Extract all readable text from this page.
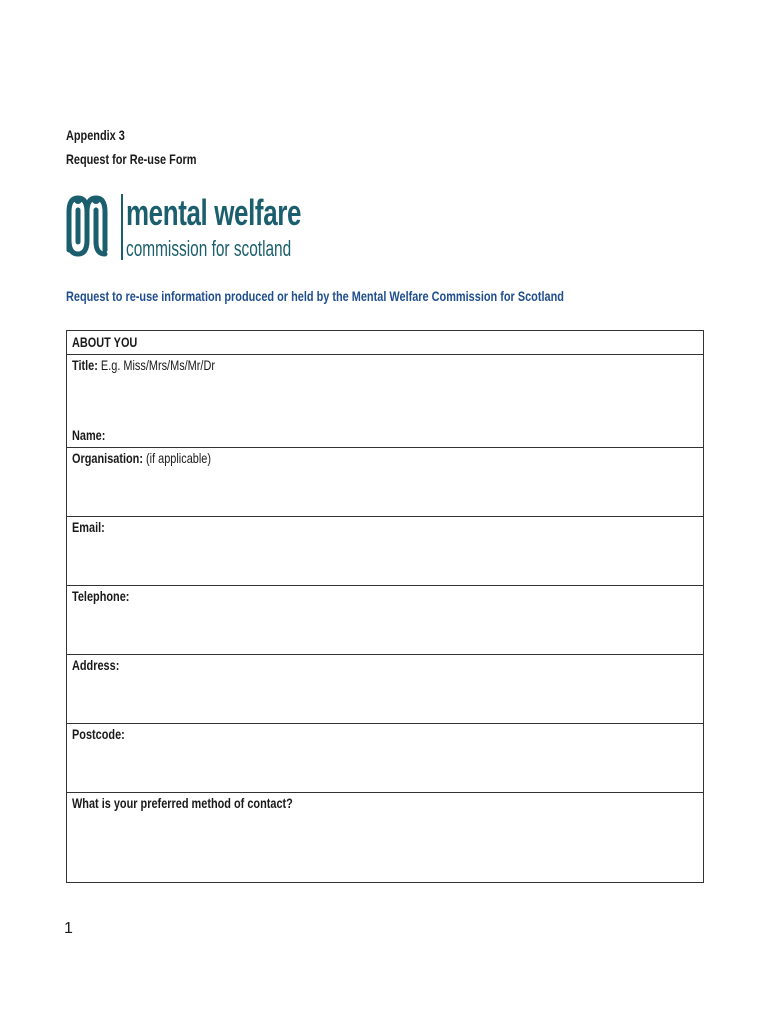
Appendix 3
Request for Re-use Form
mental welfare
commission for scotland
Request to re-use information produced or held by the Mental Welfare Commission for Scotland
ABOUT YOU
Title: E.g. Miss/Mrs/Ms/Mr/Dr
Name:
Organisation: (if applicable)
Email:
Telephone:
Address:
Postcode:
What is your preferred method of contact?
1
